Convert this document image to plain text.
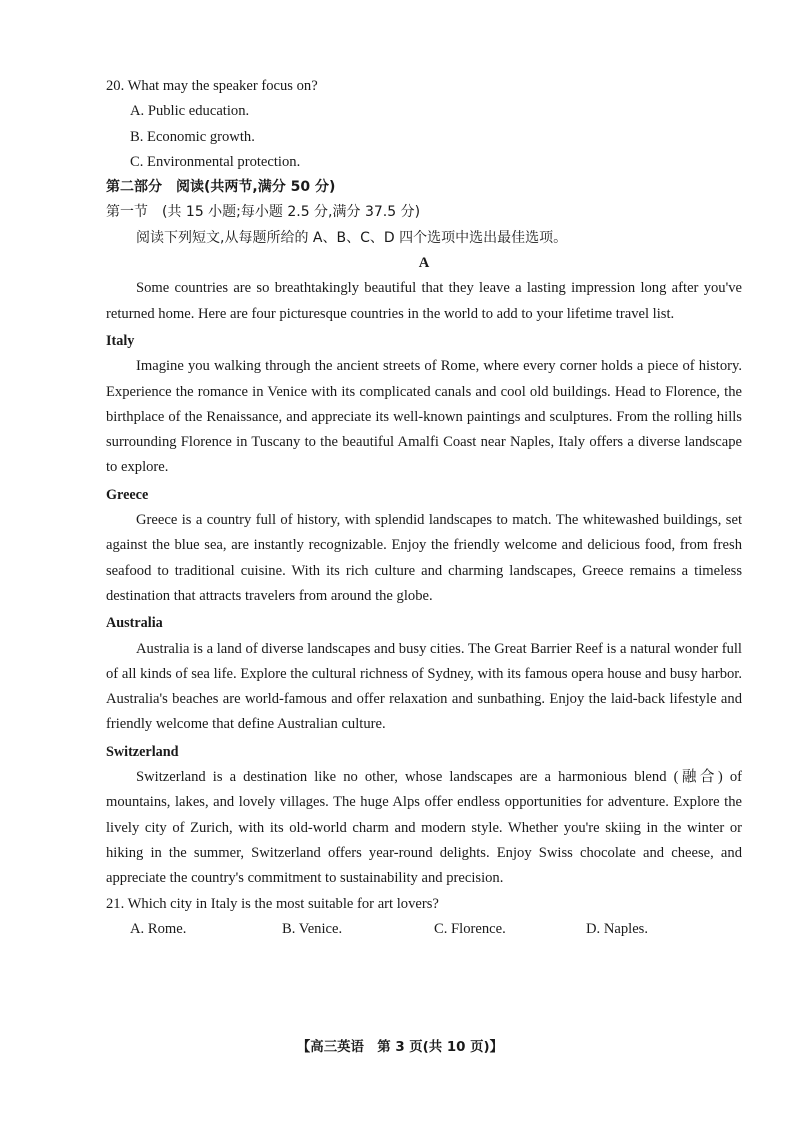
20. What may the speaker focus on?

A. Public education.

B. Economic growth.

C. Environmental protection.

第二部分　阅读(共两节,满分 50 分)

第一节　(共 15 小题;每小题 2.5 分,满分 37.5 分)

阅读下列短文,从每题所给的 A、B、C、D 四个选项中选出最佳选项。

A

Some countries are so breathtakingly beautiful that they leave a lasting impression long after you've returned home. Here are four picturesque countries in the world to add to your lifetime travel list.

Italy

Imagine you walking through the ancient streets of Rome, where every corner holds a piece of history. Experience the romance in Venice with its complicated canals and cool old buildings. Head to Florence, the birthplace of the Renaissance, and appreciate its well-known paintings and sculptures. From the rolling hills surrounding Florence in Tuscany to the beautiful Amalfi Coast near Naples, Italy offers a diverse landscape to explore.

Greece

Greece is a country full of history, with splendid landscapes to match. The whitewashed buildings, set against the blue sea, are instantly recognizable. Enjoy the friendly welcome and delicious food, from fresh seafood to traditional cuisine. With its rich culture and charming landscapes, Greece remains a timeless destination that attracts travelers from around the globe.

Australia

Australia is a land of diverse landscapes and busy cities. The Great Barrier Reef is a natural wonder full of all kinds of sea life. Explore the cultural richness of Sydney, with its famous opera house and busy harbor. Australia's beaches are world-famous and offer relaxation and sunbathing. Enjoy the laid-back lifestyle and friendly welcome that define Australian culture.

Switzerland

Switzerland is a destination like no other, whose landscapes are a harmonious blend (融合) of mountains, lakes, and lovely villages. The huge Alps offer endless opportunities for adventure. Explore the lively city of Zurich, with its old-world charm and modern style. Whether you're skiing in the winter or hiking in the summer, Switzerland offers year-round delights. Enjoy Swiss chocolate and cheese, and appreciate the country's commitment to sustainability and precision.

21. Which city in Italy is the most suitable for art lovers?

A. Rome.	B. Venice.	C. Florence.	D. Naples.
【高三英语　第 3 页(共 10 页)】
